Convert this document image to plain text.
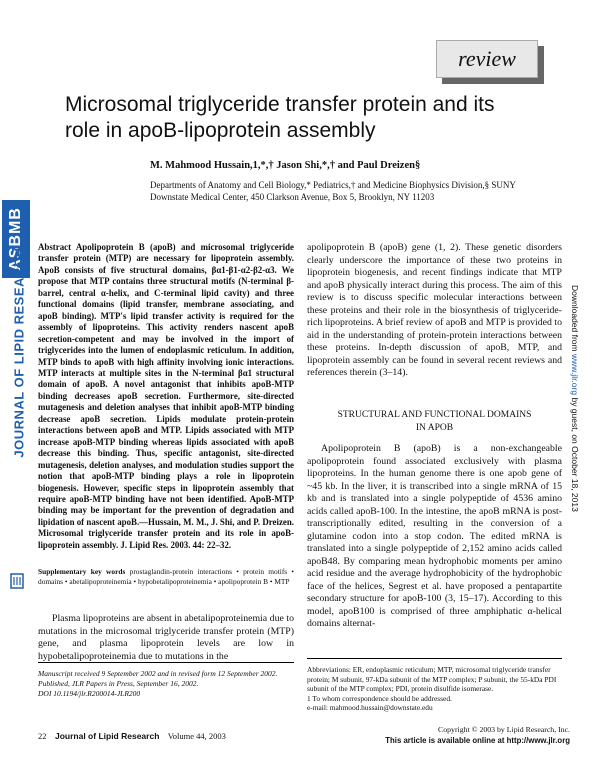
review
Microsomal triglyceride transfer protein and its role in apoB-lipoprotein assembly
M. Mahmood Hussain,1,*,† Jason Shi,*,† and Paul Dreizen§
Departments of Anatomy and Cell Biology,* Pediatrics,† and Medicine Biophysics Division,§ SUNY Downstate Medical Center, 450 Clarkson Avenue, Box 5, Brooklyn, NY 11203
ASBMB
JOURNAL OF LIPID RESEARCH	Downloaded from www.jlr.org by guest, on October 18, 2013
Abstract Apolipoprotein B (apoB) and microsomal triglyceride transfer protein (MTP) are necessary for lipoprotein assembly. ApoB consists of five structural domains, βα1-β1-α2-β2-α3. We propose that MTP contains three structural motifs (N-terminal β-barrel, central α-helix, and C-terminal lipid cavity) and three functional domains (lipid transfer, membrane associating, and apoB binding). MTP's lipid transfer activity is required for the assembly of lipoproteins. This activity renders nascent apoB secretion-competent and may be involved in the import of triglycerides into the lumen of endoplasmic reticulum. In addition, MTP binds to apoB with high affinity involving ionic interactions. MTP interacts at multiple sites in the N-terminal βα1 structural domain of apoB. A novel antagonist that inhibits apoB-MTP binding decreases apoB secretion. Furthermore, site-directed mutagenesis and deletion analyses that inhibit apoB-MTP binding decrease apoB secretion. Lipids modulate protein-protein interactions between apoB and MTP. Lipids associated with MTP increase apoB-MTP binding whereas lipids associated with apoB decrease this binding. Thus, specific antagonist, site-directed mutagenesis, deletion analyses, and modulation studies support the notion that apoB-MTP binding plays a role in lipoprotein biogenesis. However, specific steps in lipoprotein assembly that require apoB-MTP binding have not been identified. ApoB-MTP binding may be important for the prevention of degradation and lipidation of nascent apoB.—Hussain, M. M., J. Shi, and P. Dreizen. Microsomal triglyceride transfer protein and its role in apoB-lipoprotein assembly. J. Lipid Res. 2003. 44: 22–32.
Supplementary key words prostaglandin-protein interactions • protein motifs • domains • abetalipoproteinemia • hypobetalipoproteinemia • apolipoprotein B • MTP

Plasma lipoproteins are absent in abetalipoproteinemia due to mutations in the microsomal triglyceride transfer protein (MTP) gene, and plasma lipoprotein levels are low in hypobetalipoproteinemia due to mutations in the

Manuscript received 9 September 2002 and in revised form 12 September 2002.
Published, JLR Papers in Press, September 16, 2002.
DOI 10.1194/jlr.R200014-JLR200
22 Journal of Lipid Research Volume 44, 2003

apolipoprotein B (apoB) gene (1, 2). These genetic disorders clearly underscore the importance of these two proteins in lipoprotein biogenesis, and recent findings indicate that MTP and apoB physically interact during this process. The aim of this review is to discuss specific molecular interactions between these proteins and their role in the biosynthesis of triglyceride-rich lipoproteins. A brief review of apoB and MTP is provided to aid in the understanding of protein-protein interactions between these proteins. In-depth discussion of apoB, MTP, and lipoprotein assembly can be found in several recent reviews and references therein (3–14).

STRUCTURAL AND FUNCTIONAL DOMAINS
IN APOB

Apolipoprotein B (apoB) is a non-exchangeable apolipoprotein found associated exclusively with plasma lipoproteins. In the human genome there is one apob gene of ~45 kb. In the liver, it is transcribed into a single mRNA of 15 kb and is translated into a single polypeptide of 4536 amino acids called apoB-100. In the intestine, the apoB mRNA is post-transcriptionally edited, resulting in the conversion of a glutamine codon into a stop codon. The edited mRNA is translated into a single polypeptide of 2,152 amino acids called apoB48. By comparing mean hydrophobic moments per amino acid residue and the average hydrophobicity of the hydrophobic face of the helices, Segrest et al. have proposed a pentapartite secondary structure for apoB-100 (3, 15–17). According to this model, apoB100 is comprised of three amphiphatic α-helical domains alternat-

Abbreviations: ER, endoplasmic reticulum; MTP, microsomal triglyceride transfer protein; M subunit, 97-kDa subunit of the MTP complex; P subunit, the 55-kDa PDI subunit of the MTP complex; PDI, protein disulfide isomerase.
1 To whom correspondence should be addressed.
e-mail: mahmood.hussain@downstate.edu
Copyright © 2003 by Lipid Research, Inc.
This article is available online at http://www.jlr.org
